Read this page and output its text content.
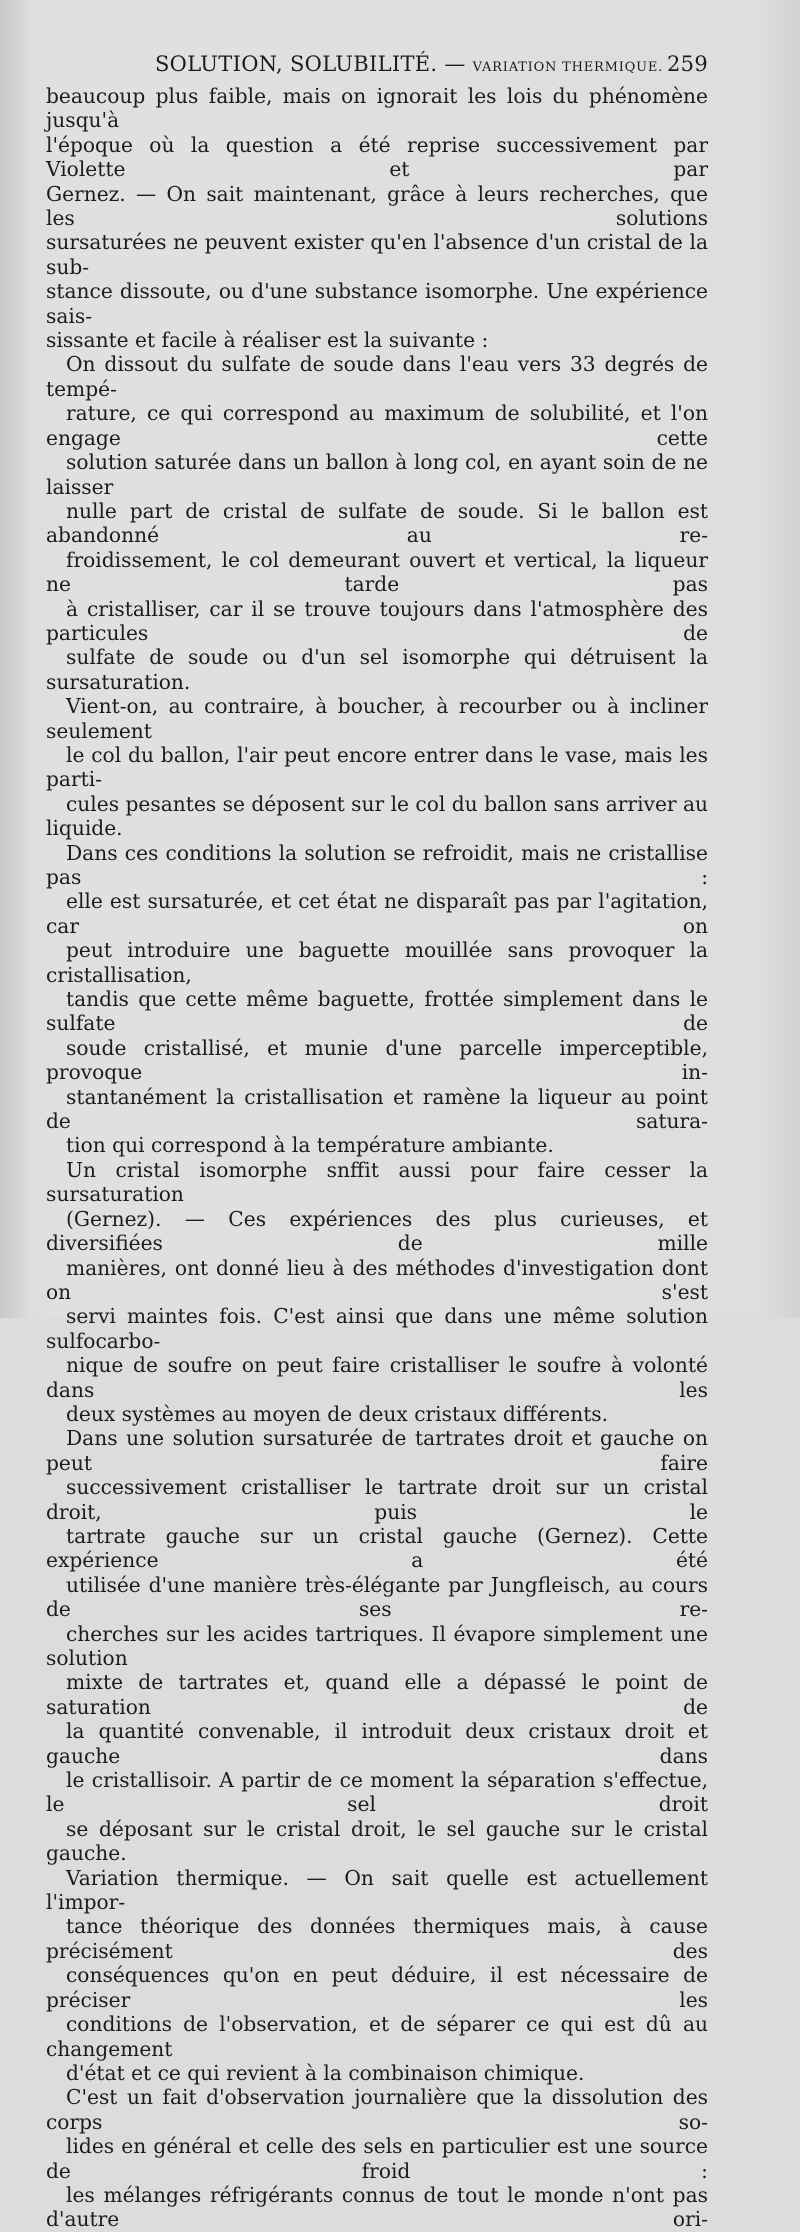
SOLUTION, SOLUBILITÉ. — VARIATION THERMIQUE. 259

beaucoup plus faible, mais on ignorait les lois du phénomène jusqu'à
l'époque où la question a été reprise successivement par Violette et par
Gernez. — On sait maintenant, grâce à leurs recherches, que les solutions
sursaturées ne peuvent exister qu'en l'absence d'un cristal de la sub-
stance dissoute, ou d'une substance isomorphe. Une expérience sais-
sissante et facile à réaliser est la suivante :

On dissout du sulfate de soude dans l'eau vers 33 degrés de tempé-
rature, ce qui correspond au maximum de solubilité, et l'on engage cette
solution saturée dans un ballon à long col, en ayant soin de ne laisser
nulle part de cristal de sulfate de soude. Si le ballon est abandonné au re-
froidissement, le col demeurant ouvert et vertical, la liqueur ne tarde pas
à cristalliser, car il se trouve toujours dans l'atmosphère des particules de
sulfate de soude ou d'un sel isomorphe qui détruisent la sursaturation.
Vient-on, au contraire, à boucher, à recourber ou à incliner seulement
le col du ballon, l'air peut encore entrer dans le vase, mais les parti-
cules pesantes se déposent sur le col du ballon sans arriver au liquide.
Dans ces conditions la solution se refroidit, mais ne cristallise pas :
elle est sursaturée, et cet état ne disparaît pas par l'agitation, car on
peut introduire une baguette mouillée sans provoquer la cristallisation,
tandis que cette même baguette, frottée simplement dans le sulfate de
soude cristallisé, et munie d'une parcelle imperceptible, provoque in-
stantanément la cristallisation et ramène la liqueur au point de satura-
tion qui correspond à la température ambiante.

Un cristal isomorphe snffit aussi pour faire cesser la sursaturation
(Gernez). — Ces expériences des plus curieuses, et diversifiées de mille
manières, ont donné lieu à des méthodes d'investigation dont on s'est
servi maintes fois. C'est ainsi que dans une même solution sulfocarbo-
nique de soufre on peut faire cristalliser le soufre à volonté dans les
deux systèmes au moyen de deux cristaux différents.

Dans une solution sursaturée de tartrates droit et gauche on peut faire
successivement cristalliser le tartrate droit sur un cristal droit, puis le
tartrate gauche sur un cristal gauche (Gernez). Cette expérience a été
utilisée d'une manière très-élégante par Jungfleisch, au cours de ses re-
cherches sur les acides tartriques. Il évapore simplement une solution
mixte de tartrates et, quand elle a dépassé le point de saturation de
la quantité convenable, il introduit deux cristaux droit et gauche dans
le cristallisoir. A partir de ce moment la séparation s'effectue, le sel droit
se déposant sur le cristal droit, le sel gauche sur le cristal gauche.

Variation thermique. — On sait quelle est actuellement l'impor-
tance théorique des données thermiques mais, à cause précisément des
conséquences qu'on en peut déduire, il est nécessaire de préciser les
conditions de l'observation, et de séparer ce qui est dû au changement
d'état et ce qui revient à la combinaison chimique.

C'est un fait d'observation journalière que la dissolution des corps so-
lides en général et celle des sels en particulier est une source de froid :
les mélanges réfrigérants connus de tout le monde n'ont pas d'autre ori-
